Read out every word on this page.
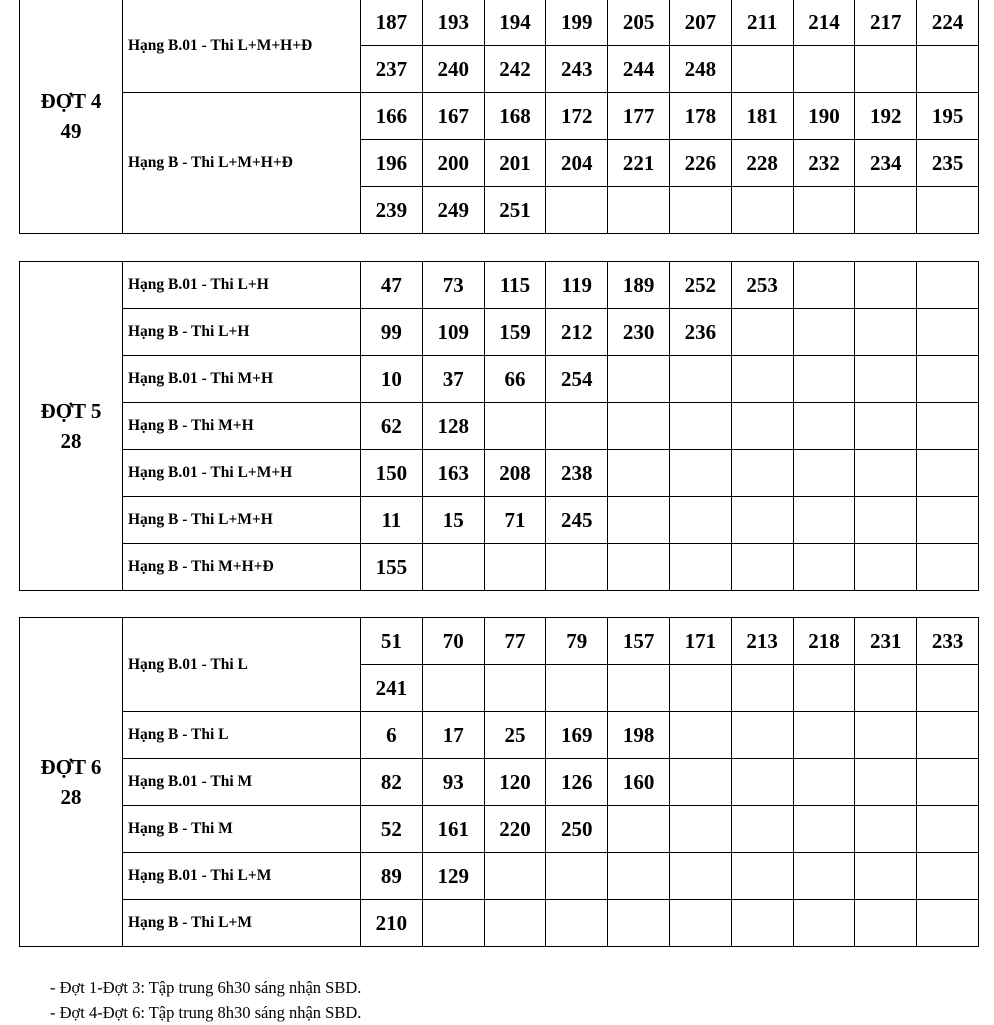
ĐỢT 4
49	Hạng B.01 - Thi L+M+H+Đ	187	193	194	199	205	207	211	214	217	224
		237	240	242	243	244	248				
	Hạng B - Thi L+M+H+Đ	166	167	168	172	177	178	181	190	192	195
		196	200	201	204	221	226	228	232	234	235
		239	249	251							
ĐỢT 5
28	Hạng B.01 - Thi L+H	47	73	115	119	189	252	253			
	Hạng B - Thi L+H	99	109	159	212	230	236				
	Hạng B.01 - Thi M+H	10	37	66	254						
	Hạng B - Thi M+H	62	128								
	Hạng B.01 - Thi L+M+H	150	163	208	238						
	Hạng B - Thi L+M+H	11	15	71	245						
	Hạng B - Thi M+H+Đ	155									
ĐỢT 6
28	Hạng B.01 - Thi L	51	70	77	79	157	171	213	218	231	233
		241									
	Hạng B - Thi L	6	17	25	169	198					
	Hạng B.01 - Thi M	82	93	120	126	160					
	Hạng B - Thi M	52	161	220	250						
	Hạng B.01 - Thi L+M	89	129								
	Hạng B - Thi L+M	210									
- Đợt 1-Đợt 3: Tập trung 6h30 sáng nhận SBD.
- Đợt 4-Đợt 6: Tập trung 8h30 sáng nhận SBD.
